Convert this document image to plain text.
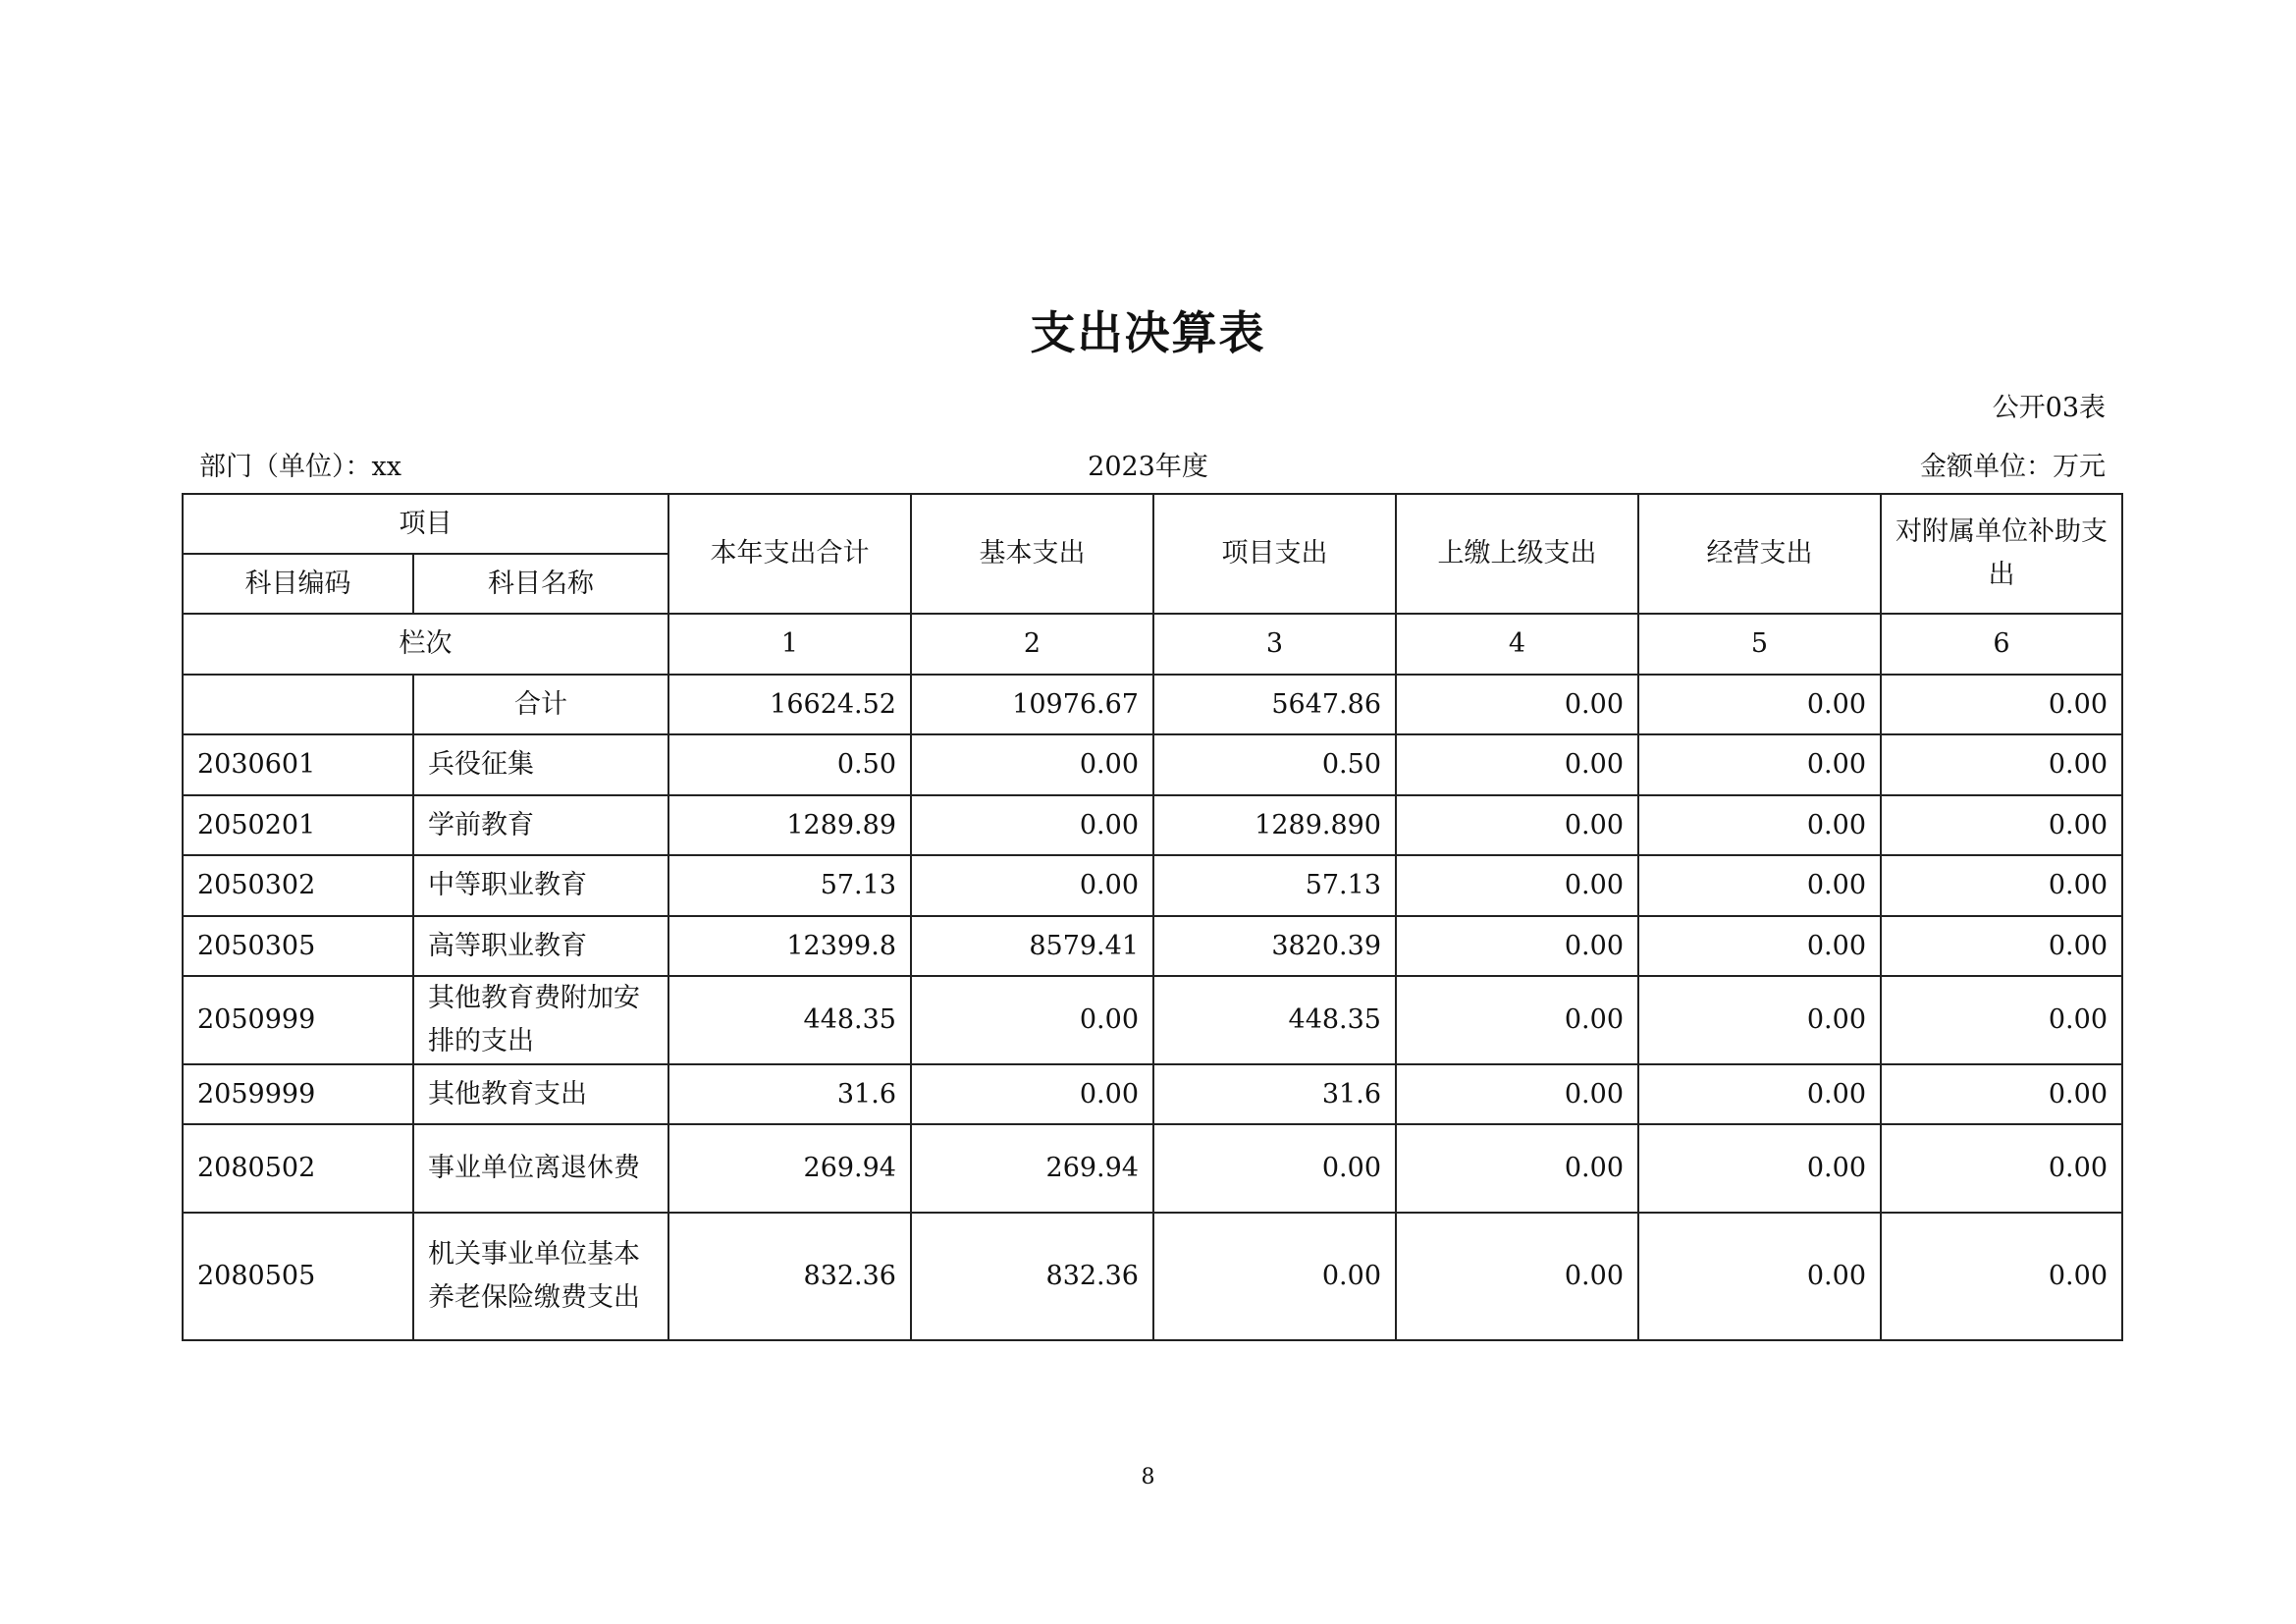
支出决算表
公开03表
部门（单位）：xx	2023年度	金额单位：万元
项目		本年支出合计	基本支出	项目支出	上缴上级支出	经营支出	对附属单位补助支出
科目编码	科目名称						
栏次		1	2	3	4	5	6
	合计	16624.52	10976.67	5647.86	0.00	0.00	0.00
2030601	兵役征集	0.50	0.00	0.50	0.00	0.00	0.00
2050201	学前教育	1289.89	0.00	1289.890	0.00	0.00	0.00
2050302	中等职业教育	57.13	0.00	57.13	0.00	0.00	0.00
2050305	高等职业教育	12399.8	8579.41	3820.39	0.00	0.00	0.00
2050999	其他教育费附加安排的支出	448.35	0.00	448.35	0.00	0.00	0.00
2059999	其他教育支出	31.6	0.00	31.6	0.00	0.00	0.00
2080502	事业单位离退休费	269.94	269.94	0.00	0.00	0.00	0.00
2080505	机关事业单位基本养老保险缴费支出	832.36	832.36	0.00	0.00	0.00	0.00
8
